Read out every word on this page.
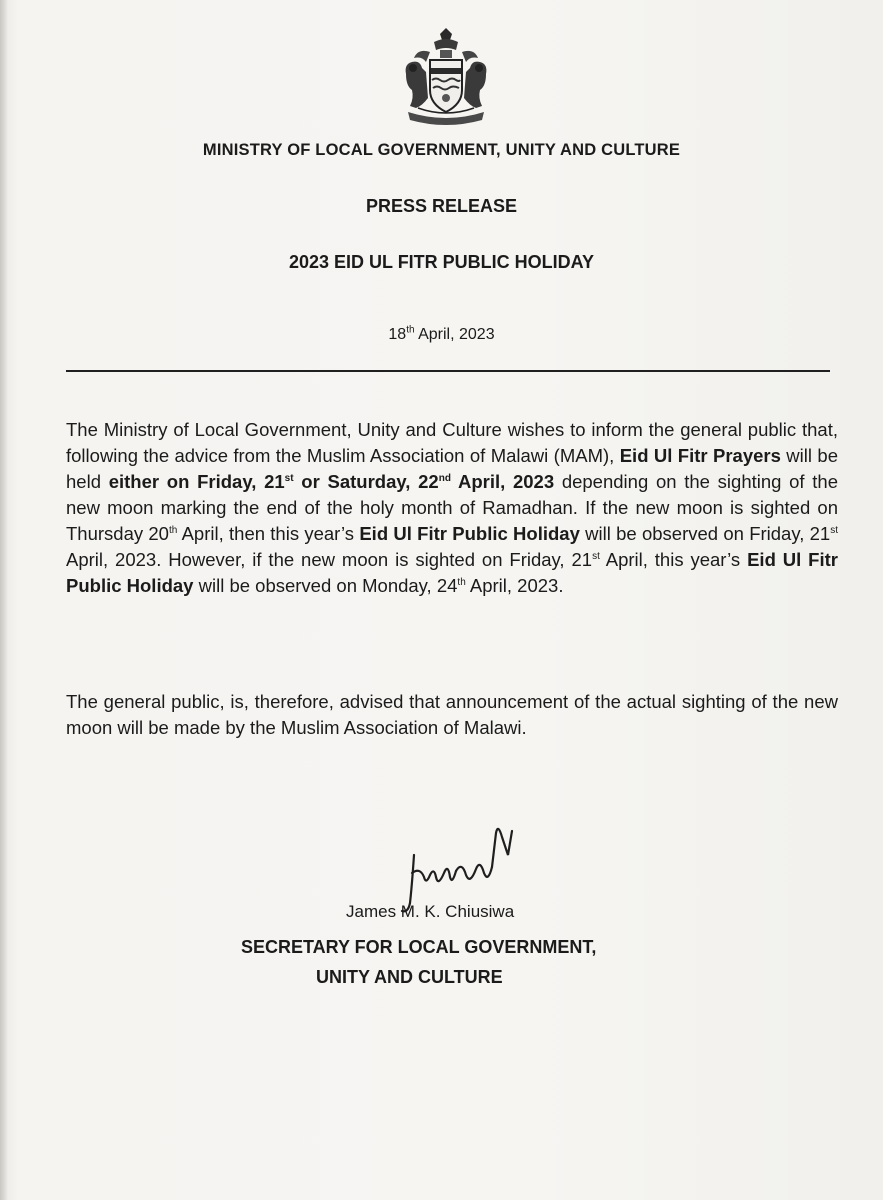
MINISTRY OF LOCAL GOVERNMENT, UNITY AND CULTURE

PRESS RELEASE

2023 EID UL FITR PUBLIC HOLIDAY

18th April, 2023

The Ministry of Local Government, Unity and Culture wishes to inform the general public that, following the advice from the Muslim Association of Malawi (MAM), Eid Ul Fitr Prayers will be held either on Friday, 21st or Saturday, 22nd April, 2023 depending on the sighting of the new moon marking the end of the holy month of Ramadhan. If the new moon is sighted on Thursday 20th April, then this year’s Eid Ul Fitr Public Holiday will be observed on Friday, 21st April, 2023. However, if the new moon is sighted on Friday, 21st April, this year’s Eid Ul Fitr Public Holiday will be observed on Monday, 24th April, 2023.

The general public, is, therefore, advised that announcement of the actual sighting of the new moon will be made by the Muslim Association of Malawi.

James M. K. Chiusiwa

SECRETARY FOR LOCAL GOVERNMENT,
UNITY AND CULTURE
